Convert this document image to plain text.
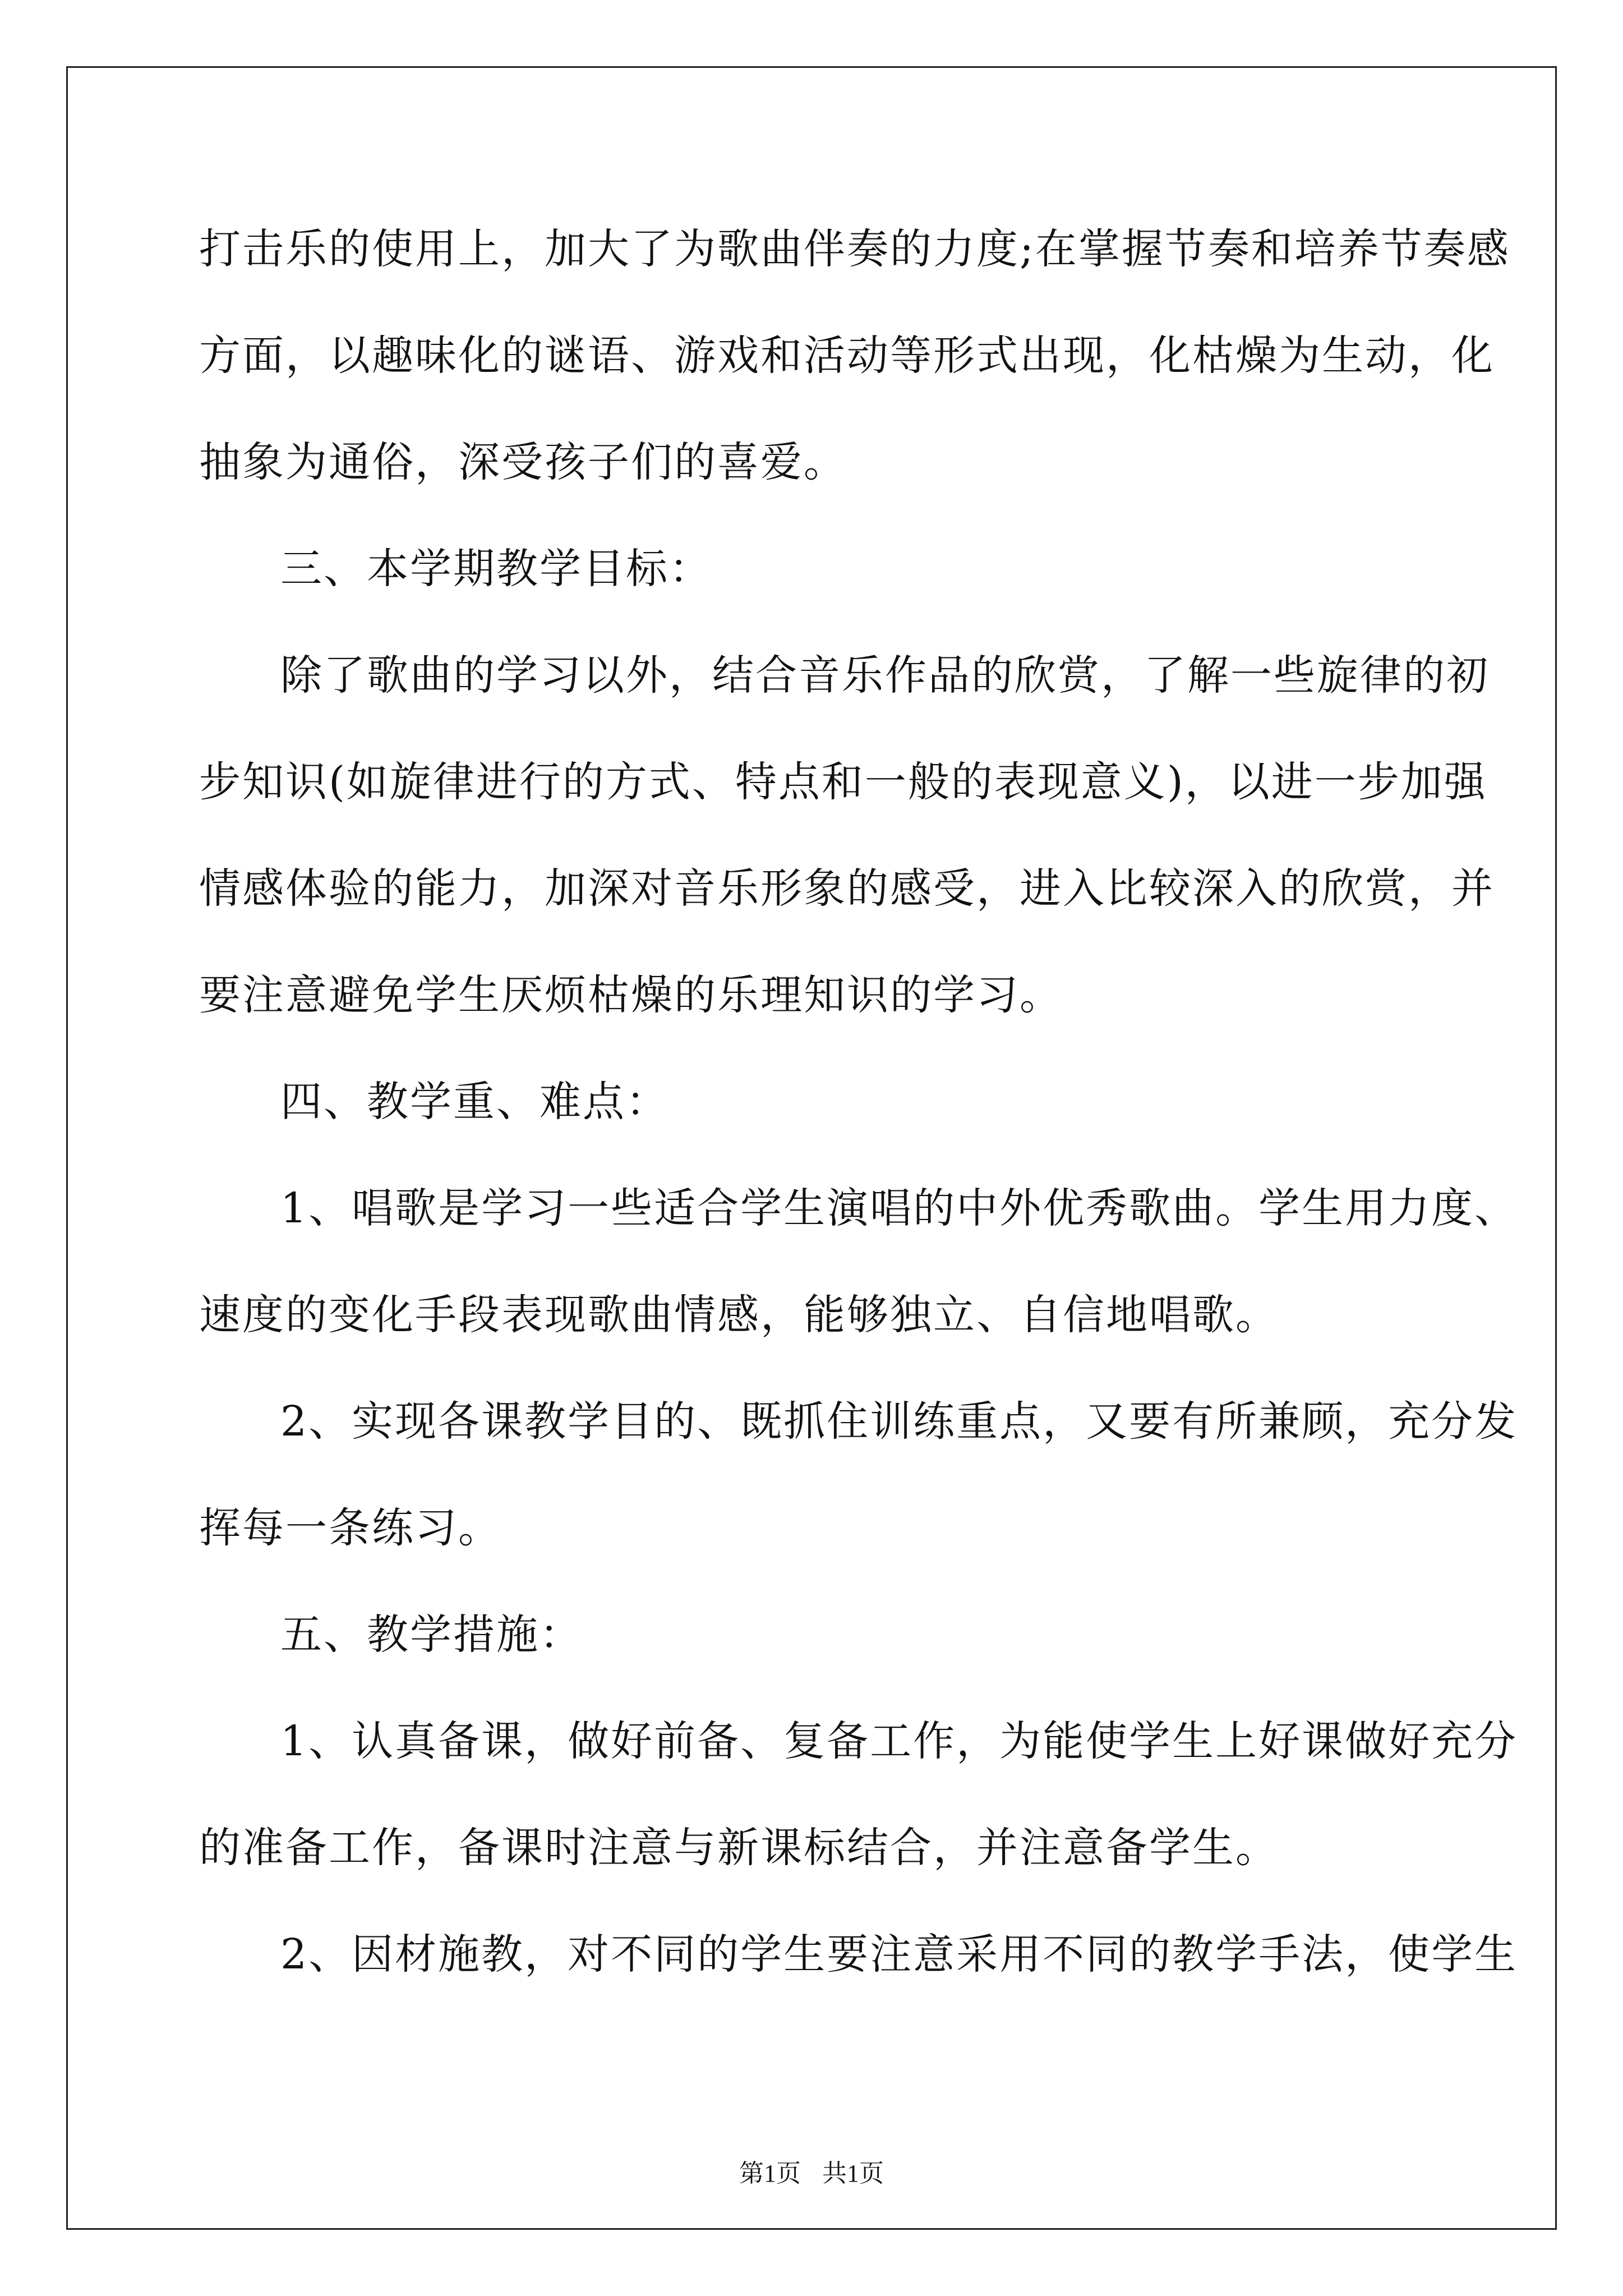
打击乐的使用上，加大了为歌曲伴奏的力度;在掌握节奏和培养节奏感
方面，以趣味化的谜语、游戏和活动等形式出现，化枯燥为生动，化
抽象为通俗，深受孩子们的喜爱。
三、本学期教学目标：
除了歌曲的学习以外，结合音乐作品的欣赏，了解一些旋律的初
步知识(如旋律进行的方式、特点和一般的表现意义)，以进一步加强
情感体验的能力，加深对音乐形象的感受，进入比较深入的欣赏，并
要注意避免学生厌烦枯燥的乐理知识的学习。
四、教学重、难点：
1、唱歌是学习一些适合学生演唱的中外优秀歌曲。学生用力度、
速度的变化手段表现歌曲情感，能够独立、自信地唱歌。
2、实现各课教学目的、既抓住训练重点，又要有所兼顾，充分发
挥每一条练习。
五、教学措施：
1、认真备课，做好前备、复备工作，为能使学生上好课做好充分
的准备工作，备课时注意与新课标结合，并注意备学生。
2、因材施教，对不同的学生要注意采用不同的教学手法，使学生
第1页 共1页
